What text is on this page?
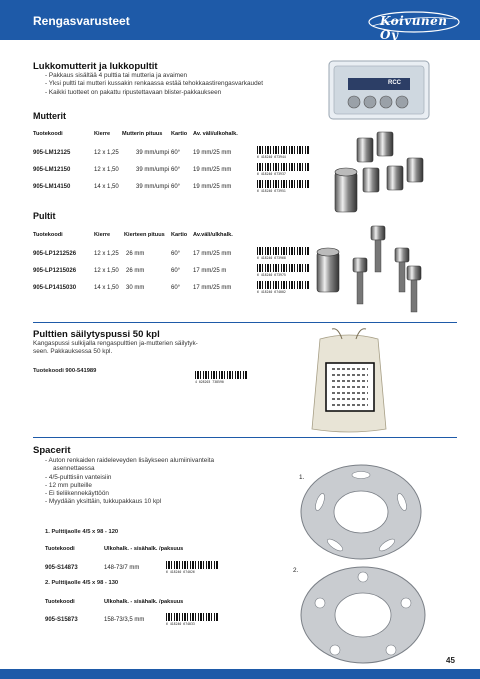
Rengasvarusteet	Koivunen Oy
Lukkomutterit ja lukkopultit
- Pakkaus sisältää 4 pulttia tai mutteria ja avaimen
- Yksi pultti tai mutteri kussakin renkaassa estää tehokkaastirengasvarkaudet
- Kaikki tuotteet on pakattu ripustettavaan blister-pakkaukseen
Mutterit
Tuotekoodi	Kierre Mutterin pituus Kartio Av. väli/ulkohalk.
905-LM12125	12 x 1,25	39 mm/umpi 60° 19 mm/25 mm
6 418240 673944
905-LM12150	12 x 1,50	39 mm/umpi 60° 19 mm/25 mm
6 418240 673937
905-LM14150	14 x 1,50	39 mm/umpi 60° 19 mm/25 mm
6 418240 673951
Pultit
Tuotekoodi	Kierre Kierteen pituus Kartio Av.väli/ulkhalk.
905-LP1212526	12 x 1,25 26 mm	60° 17 mm/25 mm
6 418240 673968
905-LP1215026	12 x 1,50 26 mm	60° 17 mm/25 m
6 418240 673975
905-LP1415030	14 x 1,50 30 mm	60° 17 mm/25 mm
6 418240 674002
RCC
Pulttien säilytyspussi 50 kpl
Kangaspussi sulkijalla rengaspulttien ja-mutterien säilytyk-
seen. Pakkauksessa 50 kpl.
Tuotekoodi 900-541989
4 028203 738590
Spacerit
- Auton renkaiden raideleveyden lisäykseen alumiinivanteita
asennettaessa
- 4/5-pulttisiin vanteisiin
- 12 mm pulteille
- Ei tieliikennekäyttöön
- Myydään yksittäin, tukkupakkaus 10 kpl
1. Pulttijaolle 4/5 x 98 - 120
Tuotekoodi	Ulkohalk. - sisähalk. /paksuus
905-S14873	148-73/7 mm
6 418240 674026
2. Pulttijaolle 4/5 x 98 - 130
Tuotekoodi	Ulkohalk. - sisähalk. /paksuus
905-S15873	158-73/3,5 mm
6 418240 674033
1.
2.
45
